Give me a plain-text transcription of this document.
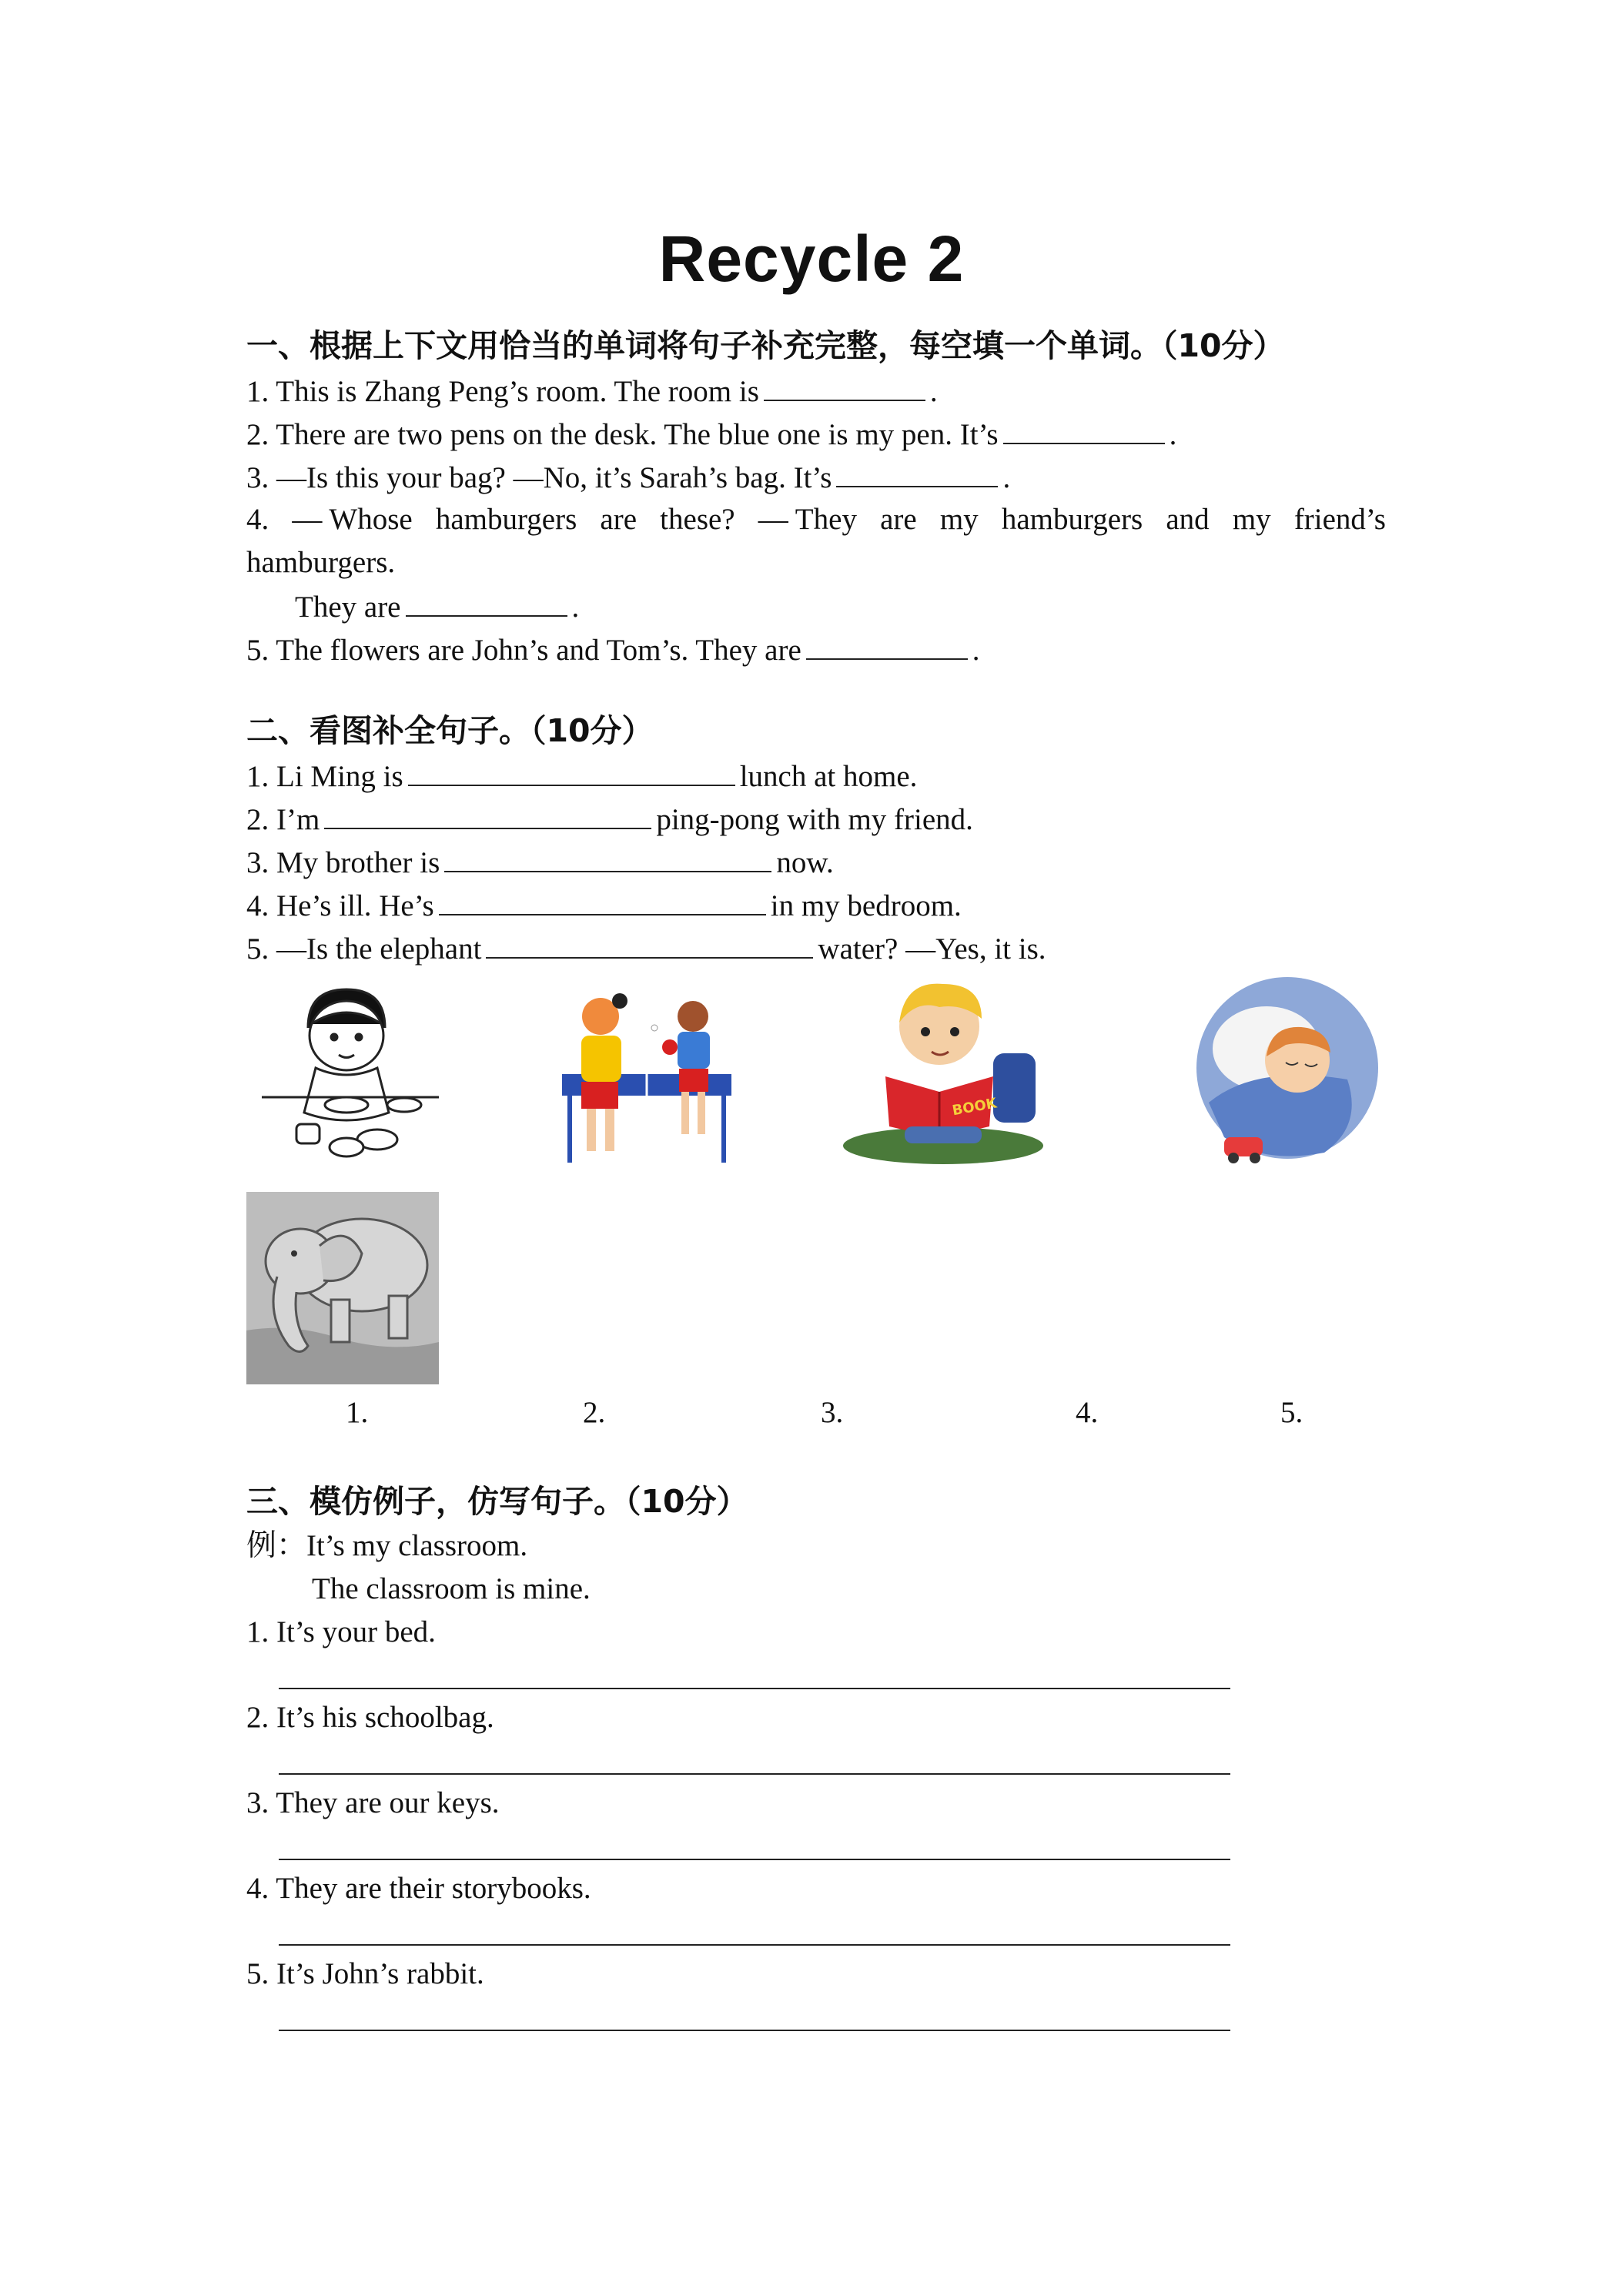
Recycle 2
一、根据上下文用恰当的单词将句子补充完整，每空填一个单词。（10分）
1. This is Zhang Peng’s room. The room is	.
2. There are two pens on the desk. The blue one is my pen. It’s	.
3. —Is this your bag? —No, it’s Sarah’s bag. It’s	.
4. — Whose hamburgers are these? — They are my hamburgers and my friend’s
hamburgers.
They are	.
5. The flowers are John’s and Tom’s. They are	.
二、看图补全句子。（10分）
1. Li Ming is	lunch at home.
2. I’m	ping-pong with my friend.
3. My brother is	now.
4. He’s ill. He’s	in my bedroom.
5. —Is the elephant	water? —Yes, it is.
BOOK
1.	2.	3.	4.	5.
三、模仿例子，仿写句子。（10分）
例：It’s my classroom.
The classroom is mine.
1. It’s your bed.
2. It’s his schoolbag.
3. They are our keys.
4. They are their storybooks.
5. It’s John’s rabbit.
